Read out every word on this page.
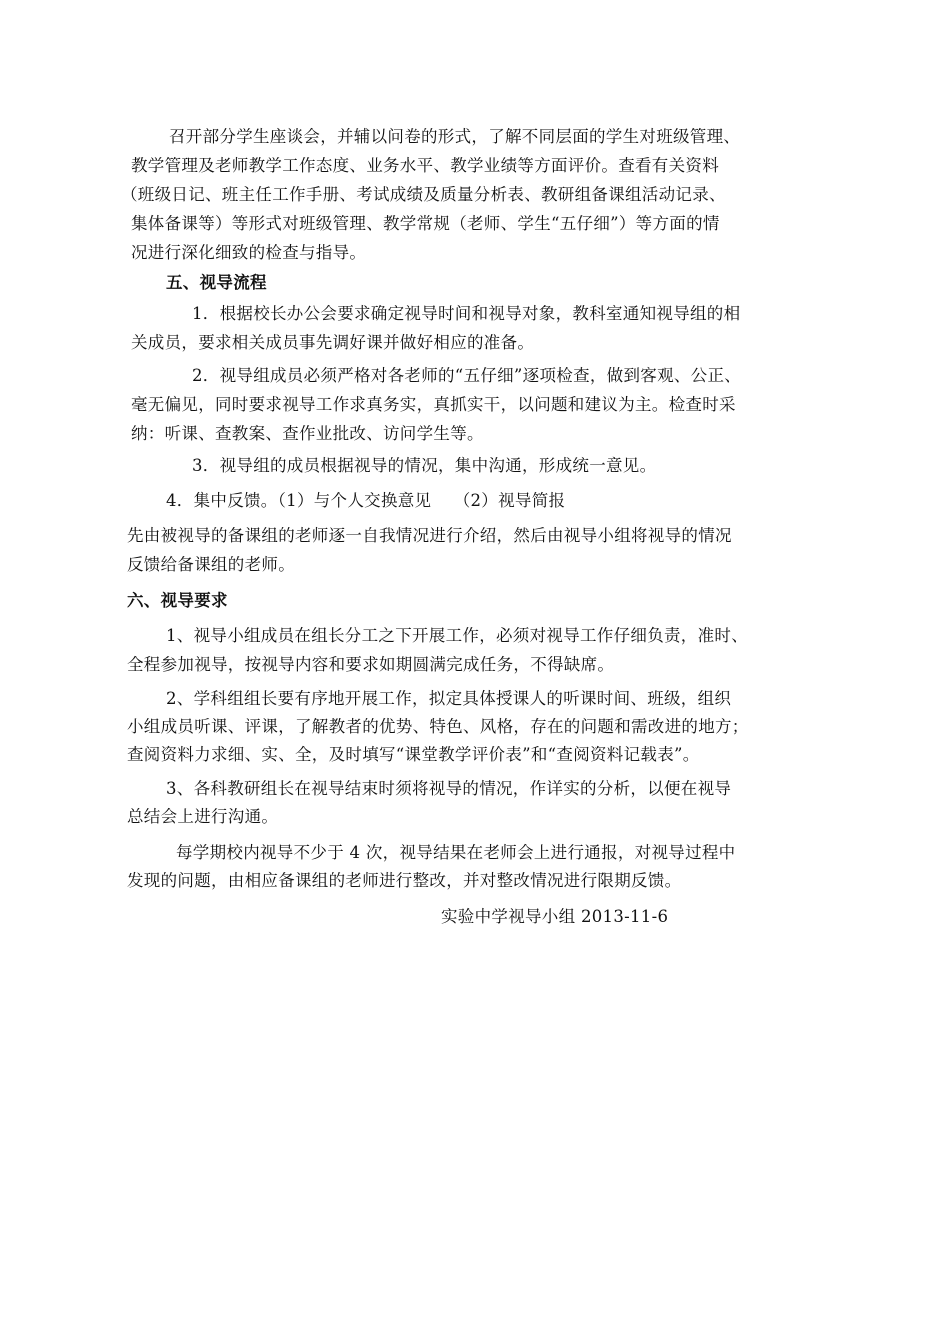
召开部分学生座谈会，并辅以问卷的形式，了解不同层面的学生对班级管理、
教学管理及老师教学工作态度、业务水平、教学业绩等方面评价。查看有关资料
（班级日记、班主任工作手册、考试成绩及质量分析表、教研组备课组活动记录、
集体备课等）等形式对班级管理、教学常规（老师、学生“五仔细”）等方面的情
况进行深化细致的检查与指导。
五、视导流程
1．根据校长办公会要求确定视导时间和视导对象，教科室通知视导组的相
关成员，要求相关成员事先调好课并做好相应的准备。
2．视导组成员必须严格对各老师的“五仔细”逐项检查，做到客观、公正、
毫无偏见，同时要求视导工作求真务实，真抓实干，以问题和建议为主。检查时采
纳：听课、查教案、查作业批改、访问学生等。
3．视导组的成员根据视导的情况，集中沟通，形成统一意见。
4．集中反馈。（1）与个人交换意见　 （2）视导简报
先由被视导的备课组的老师逐一自我情况进行介绍，然后由视导小组将视导的情况
反馈给备课组的老师。
六、视导要求
1、视导小组成员在组长分工之下开展工作，必须对视导工作仔细负责，准时、
全程参加视导，按视导内容和要求如期圆满完成任务，不得缺席。
2、学科组组长要有序地开展工作，拟定具体授课人的听课时间、班级，组织
小组成员听课、评课，了解教者的优势、特色、风格，存在的问题和需改进的地方；
查阅资料力求细、实、全，及时填写“课堂教学评价表”和“查阅资料记载表”。
3、各科教研组长在视导结束时须将视导的情况，作详实的分析，以便在视导
总结会上进行沟通。
每学期校内视导不少于 4 次，视导结果在老师会上进行通报，对视导过程中
发现的问题，由相应备课组的老师进行整改，并对整改情况进行限期反馈。
实验中学视导小组 2013-11-6
